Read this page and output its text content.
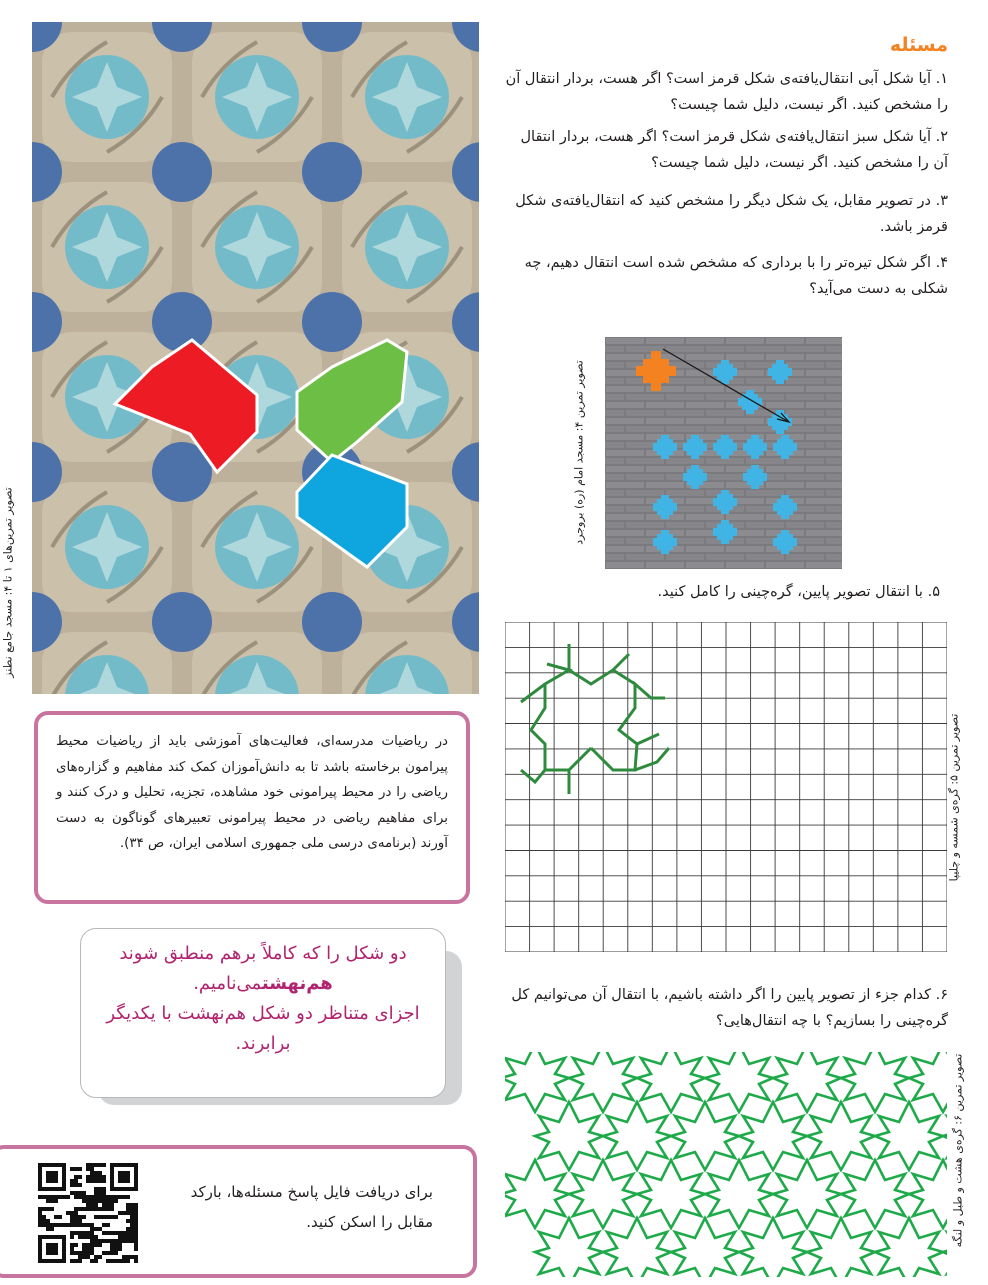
تصویر تمرین‌های ۱ تا ۴: مسجد جامع نطنز
مسئله
۱. آیا شکل آبی انتقال‌یافته‌ی شکل قرمز است؟ اگر هست، بردار انتقال آن را مشخص کنید. اگر نیست، دلیل شما چیست؟
۲. آیا شکل سبز انتقال‌یافته‌ی شکل قرمز است؟ اگر هست، بردار انتقال آن را مشخص کنید. اگر نیست، دلیل شما چیست؟
۳. در تصویر مقابل، یک شکل دیگر را مشخص کنید که انتقال‌یافته‌ی شکل قرمز باشد.
۴. اگر شکل تیره‌تر را با برداری که مشخص شده است انتقال دهیم، چه شکلی به دست می‌آید؟
تصویر تمرین ۴: مسجد امام (ره) بروجرد
۵. با انتقال تصویر پایین، گره‌چینی را کامل کنید.
تصویر تمرین ۵: گره‌ی شمسه و چلیپا
۶. کدام جزء از تصویر پایین را اگر داشته باشیم، با انتقال آن می‌توانیم کل گره‌چینی را بسازیم؟ با چه انتقال‌هایی؟
تصویر تمرین ۶: گره‌ی هشت و طبل و لنگه
در ریاضیات مدرسه‌ای، فعالیت‌های آموزشی باید از ریاضیات محیط پیرامون برخاسته باشد تا به دانش‌آموزان کمک کند مفاهیم و گزاره‌های ریاضی را در محیط پیرامونی خود مشاهده، تجزیه، تحلیل و درک کنند و برای مفاهیم ریاضی در محیط پیرامونی تعبیرهای گوناگون به دست آورند (برنامه‌ی درسی ملی جمهوری اسلامی ایران، ص ۳۴).
دو شکل را که کاملاً برهم منطبق شوند
هم‌نهشتمی‌نامیم.
اجزای متناظر دو شکل هم‌نهشت با یکدیگر برابرند.
برای دریافت فایل پاسخ مسئله‌ها، بارکد مقابل را اسکن کنید.
